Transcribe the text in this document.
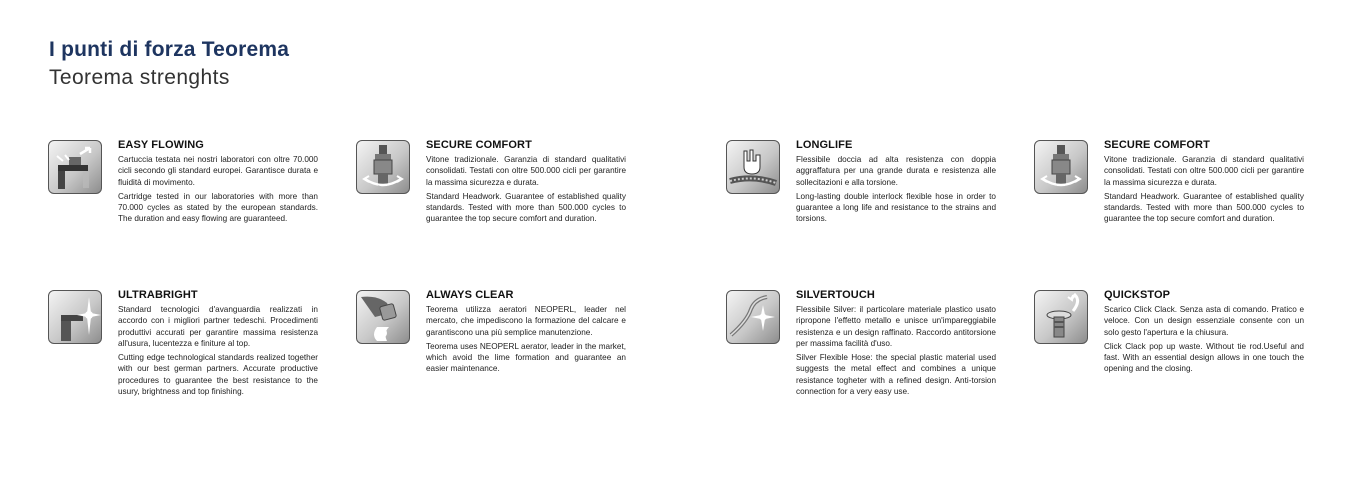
I punti di forza Teorema
Teorema strenghts
EASY FLOWING

Cartuccia testata nei nostri laboratori con oltre 70.000 cicli secondo gli standard europei. Garantisce durata e fluidità di movimento.

Cartridge tested in our laboratories with more than 70.000 cycles as stated by the european standards. The duration and easy flowing are guaranteed.

SECURE COMFORT

Vitone tradizionale. Garanzia di standard qualitativi consolidati. Testati con oltre 500.000 cicli per garantire la massima sicurezza e durata.

Standard Headwork. Guarantee of established quality standards. Tested with more than 500.000 cycles to guarantee the top secure comfort and duration.

LONGLIFE

Flessibile doccia ad alta resistenza con doppia aggraffatura per una grande durata e resistenza alle sollecitazioni e alla torsione.

Long-lasting double interlock flexible hose in order to guarantee a long life and resistance to the strains and torsions.

SECURE COMFORT

Vitone tradizionale. Garanzia di standard qualitativi consolidati. Testati con oltre 500.000 cicli per garantire la massima sicurezza e durata.

Standard Headwork. Guarantee of established quality standards. Tested with more than 500.000 cycles to guarantee the top secure comfort and duration.

ULTRABRIGHT

Standard tecnologici d'avanguardia realizzati in accordo con i migliori partner tedeschi. Procedimenti produttivi accurati per garantire massima resistenza all'usura, lucentezza e finiture al top.

Cutting edge technological standards realized together with our best german partners. Accurate productive procedures to guarantee the best resistance to the usury, brightness and top finishing.

ALWAYS CLEAR

Teorema utilizza aeratori NEOPERL, leader nel mercato, che impediscono la formazione del calcare e garantiscono una più semplice manutenzione.

Teorema uses NEOPERL aerator, leader in the market, which avoid the lime formation and guarantee an easier maintenance.

SILVERTOUCH

Flessibile Silver: il particolare materiale plastico usato ripropone l'effetto metallo e unisce un'impareggiabile resistenza e un design raffinato. Raccordo antitorsione per massima facilità d'uso.

Silver Flexible Hose: the special plastic material used suggests the metal effect and combines a unique resistance togheter with a refined design. Anti-torsion connection for a very easy use.

QUICKSTOP

Scarico Click Clack. Senza asta di comando. Pratico e veloce. Con un design essenziale consente con un solo gesto l'apertura e la chiusura.

Click Clack pop up waste. Without tie rod.Useful and fast. With an essential design allows in one touch the opening and the closing.
